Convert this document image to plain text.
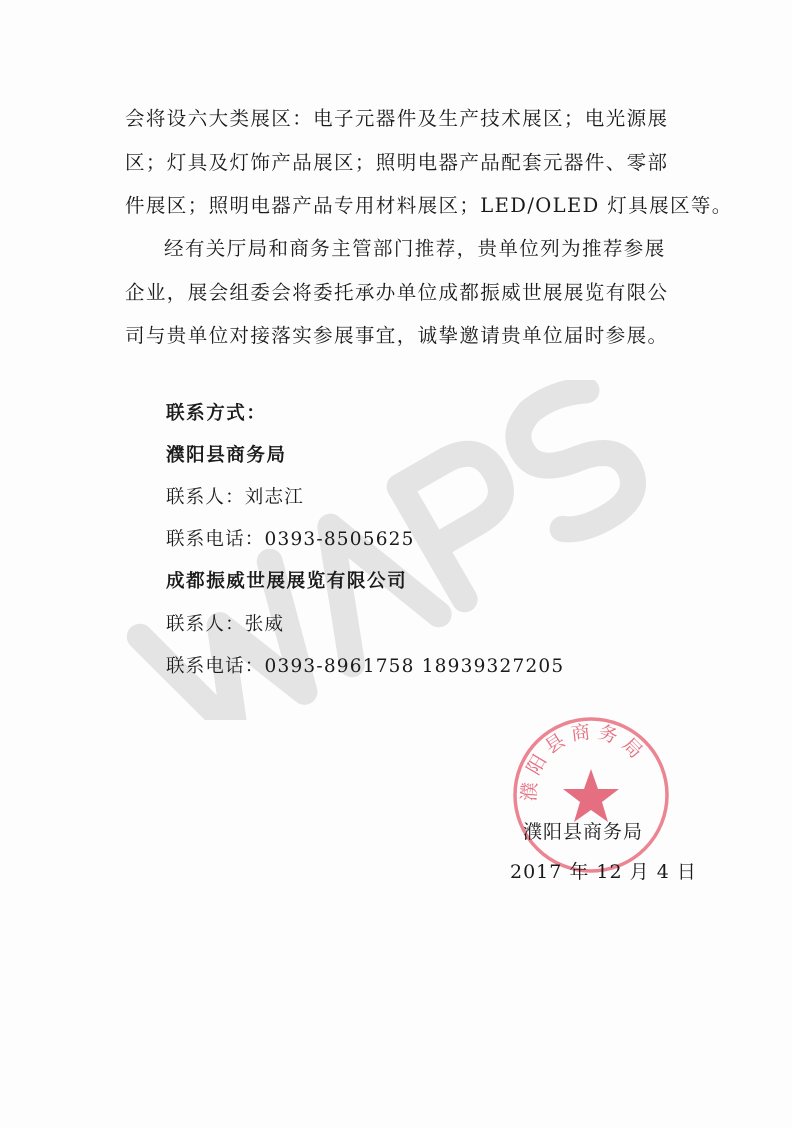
会将设六大类展区：电子元器件及生产技术展区；电光源展
区；灯具及灯饰产品展区；照明电器产品配套元器件、零部
件展区；照明电器产品专用材料展区；LED/OLED 灯具展区等。
经有关厅局和商务主管部门推荐，贵单位列为推荐参展
企业，展会组委会将委托承办单位成都振威世展展览有限公
司与贵单位对接落实参展事宜，诚挚邀请贵单位届时参展。
联系方式：
濮阳县商务局
联系人：刘志江
联系电话：0393-8505625
成都振威世展展览有限公司
联系人：张威
联系电话：0393-8961758 18939327205
濮阳县商务局
濮阳县商务局
2017 年 12 月 4 日
